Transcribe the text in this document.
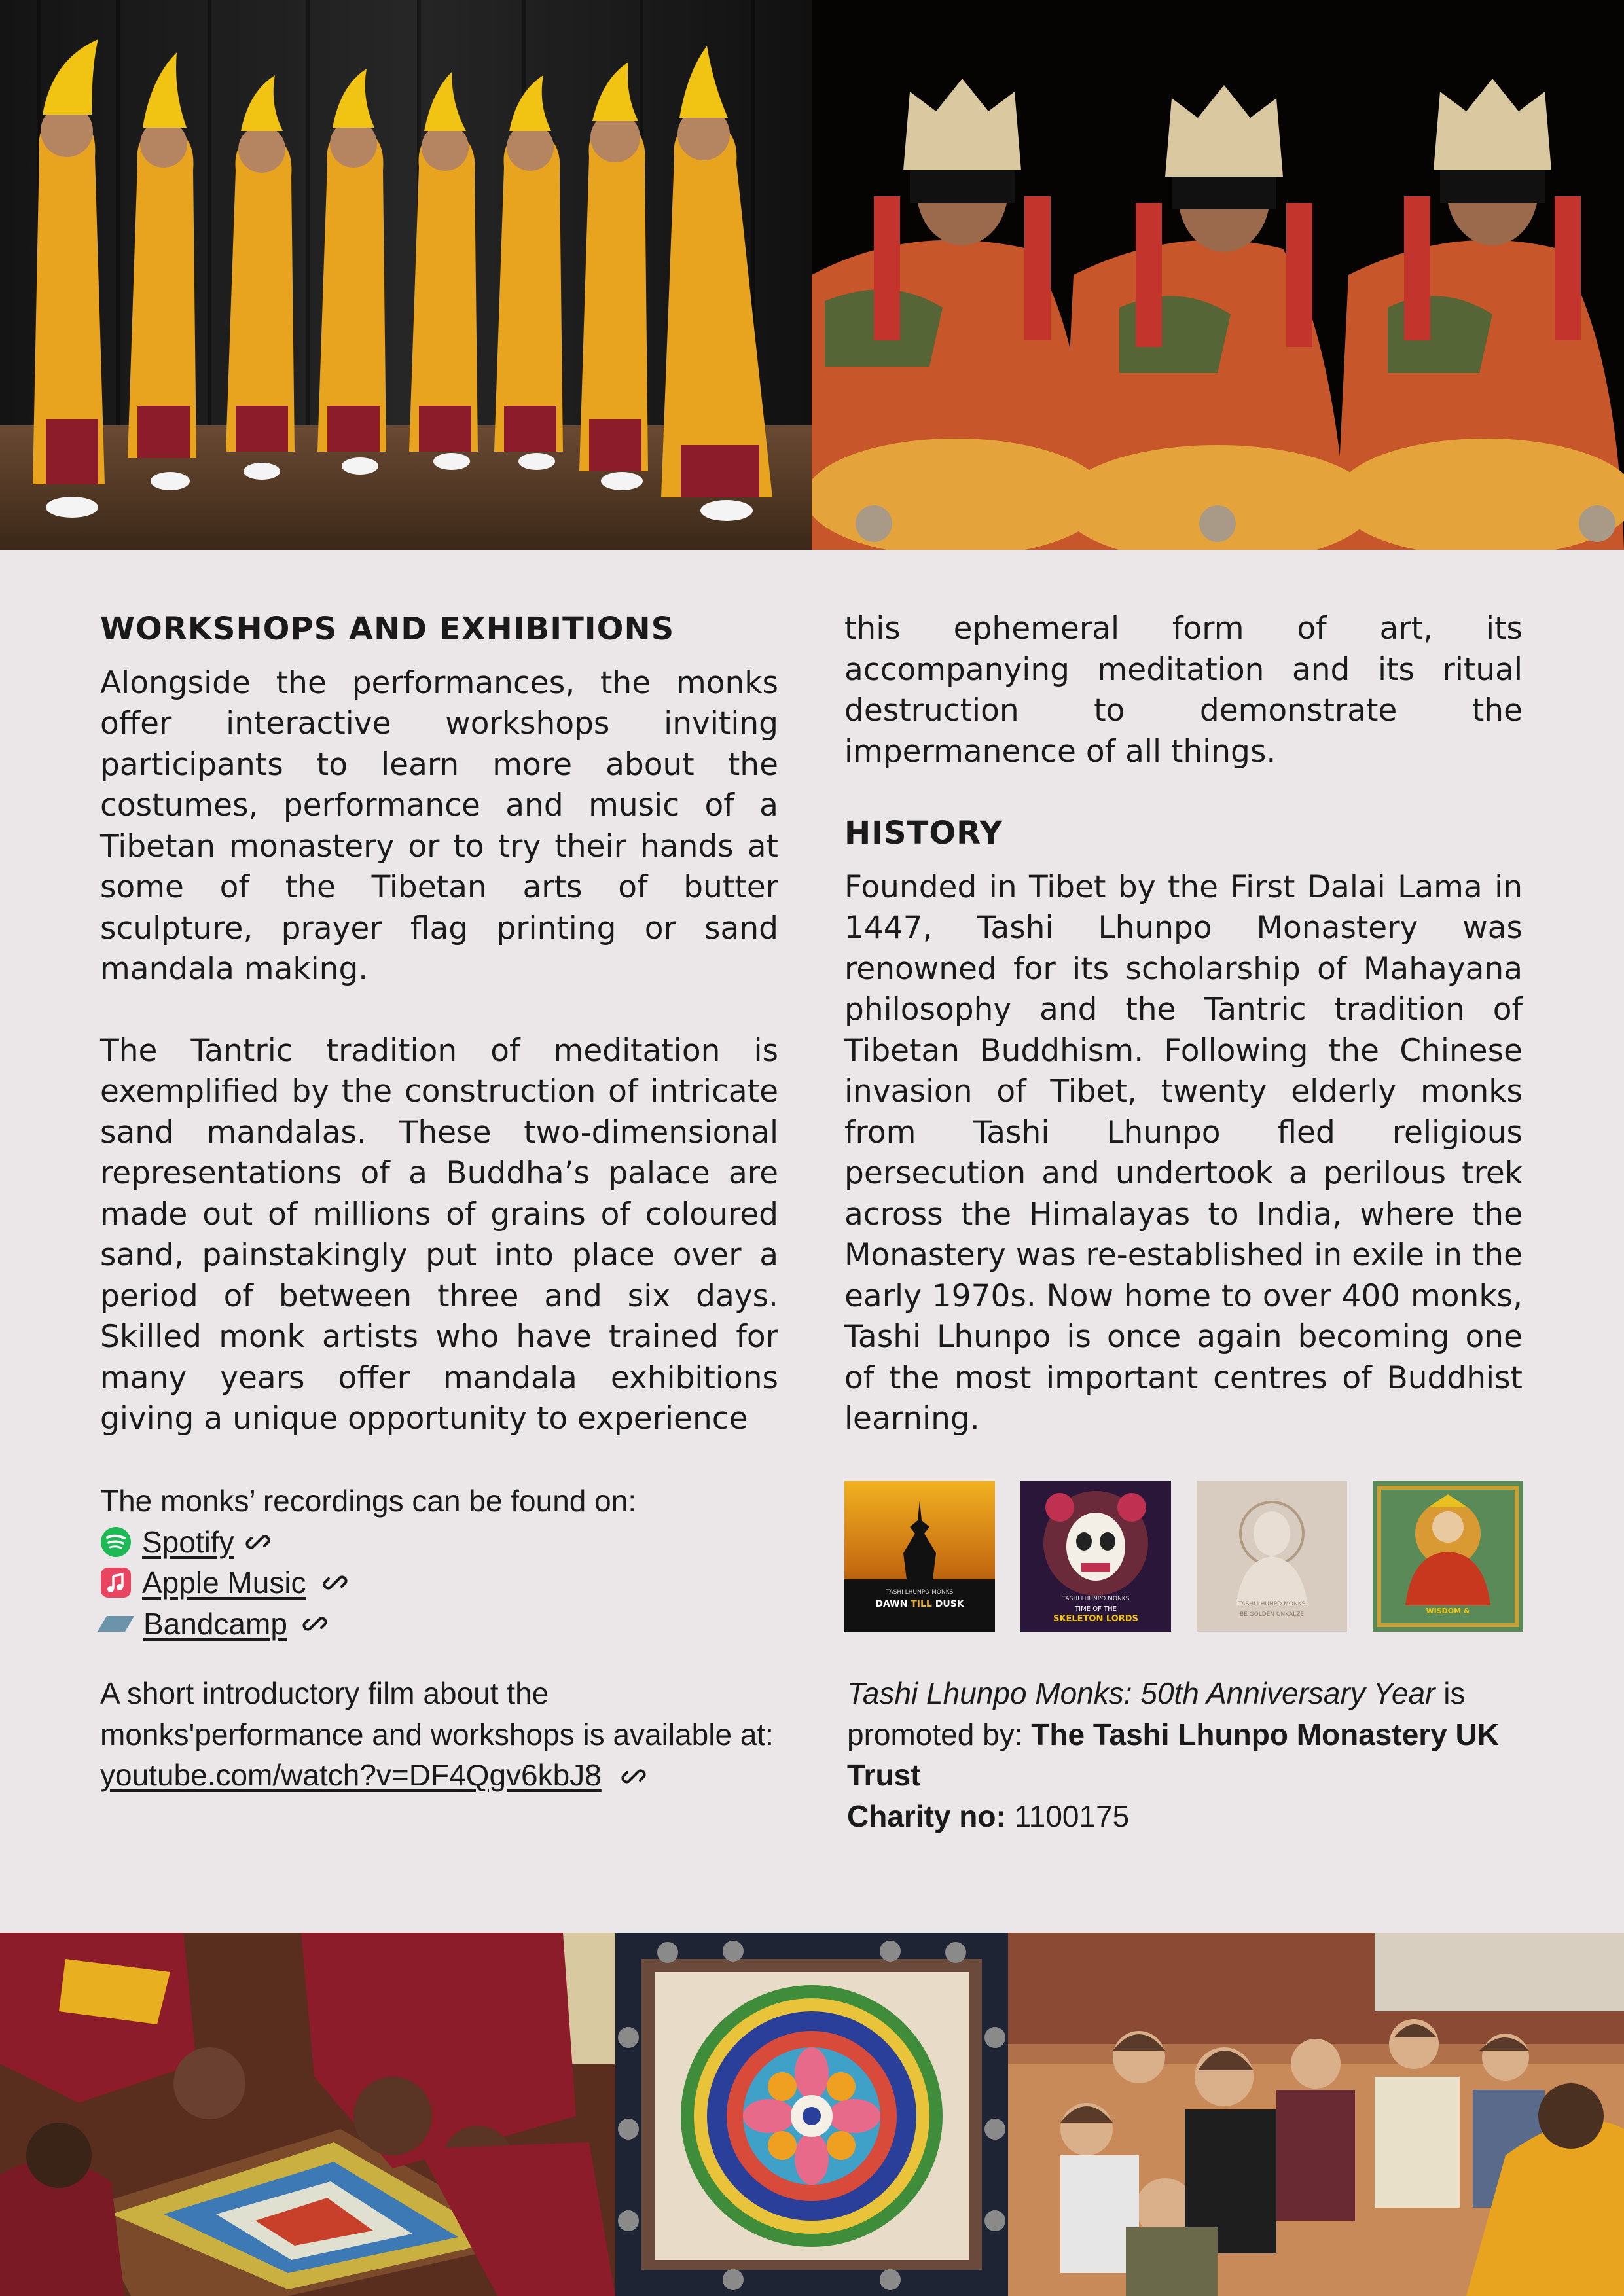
WORKSHOPS AND EXHIBITIONS

Alongside the performances, the monks offer interactive workshops inviting participants to learn more about the costumes, performance and music of a Tibetan monastery or to try their hands at some of the Tibetan arts of butter sculpture, prayer flag printing or sand mandala making.

The Tantric tradition of meditation is exemplified by the construction of intricate sand mandalas. These two-dimensional representations of a Buddha’s palace are made out of millions of grains of coloured sand, painstakingly put into place over a period of between three and six days. Skilled monk artists who have trained for many years offer mandala exhibitions giving a unique opportunity to experience

this ephemeral form of art, its accompanying meditation and its ritual destruction to demonstrate the impermanence of all things.

HISTORY

Founded in Tibet by the First Dalai Lama in 1447, Tashi Lhunpo Monastery was renowned for its scholarship of Mahayana philosophy and the Tantric tradition of Tibetan Buddhism. Following the Chinese invasion of Tibet, twenty elderly monks from Tashi Lhunpo fled religious persecution and undertook a perilous trek across the Himalayas to India, where the Monastery was re-established in exile in the early 1970s. Now home to over 400 monks, Tashi Lhunpo is once again becoming one of the most important centres of Buddhist learning.

The monks’ recordings can be found on:
Spotify
Apple Music
Bandcamp
A short introductory film about the monks'performance and workshops is available at: youtube.com/watch?v=DF4Qgv6kbJ8
TASHI LHUNPO MONKS
DAWN TILL DUSK	TASHI LHUNPO MONKS
TIME OF THE
SKELETON LORDS
TASHI LHUNPO MONKS
BE GOLDEN UNKALZE	WISDOM &
Tashi Lhunpo Monks: 50th Anniversary Year is
promoted by: The Tashi Lhunpo Monastery UK Trust
Charity no: 1100175
